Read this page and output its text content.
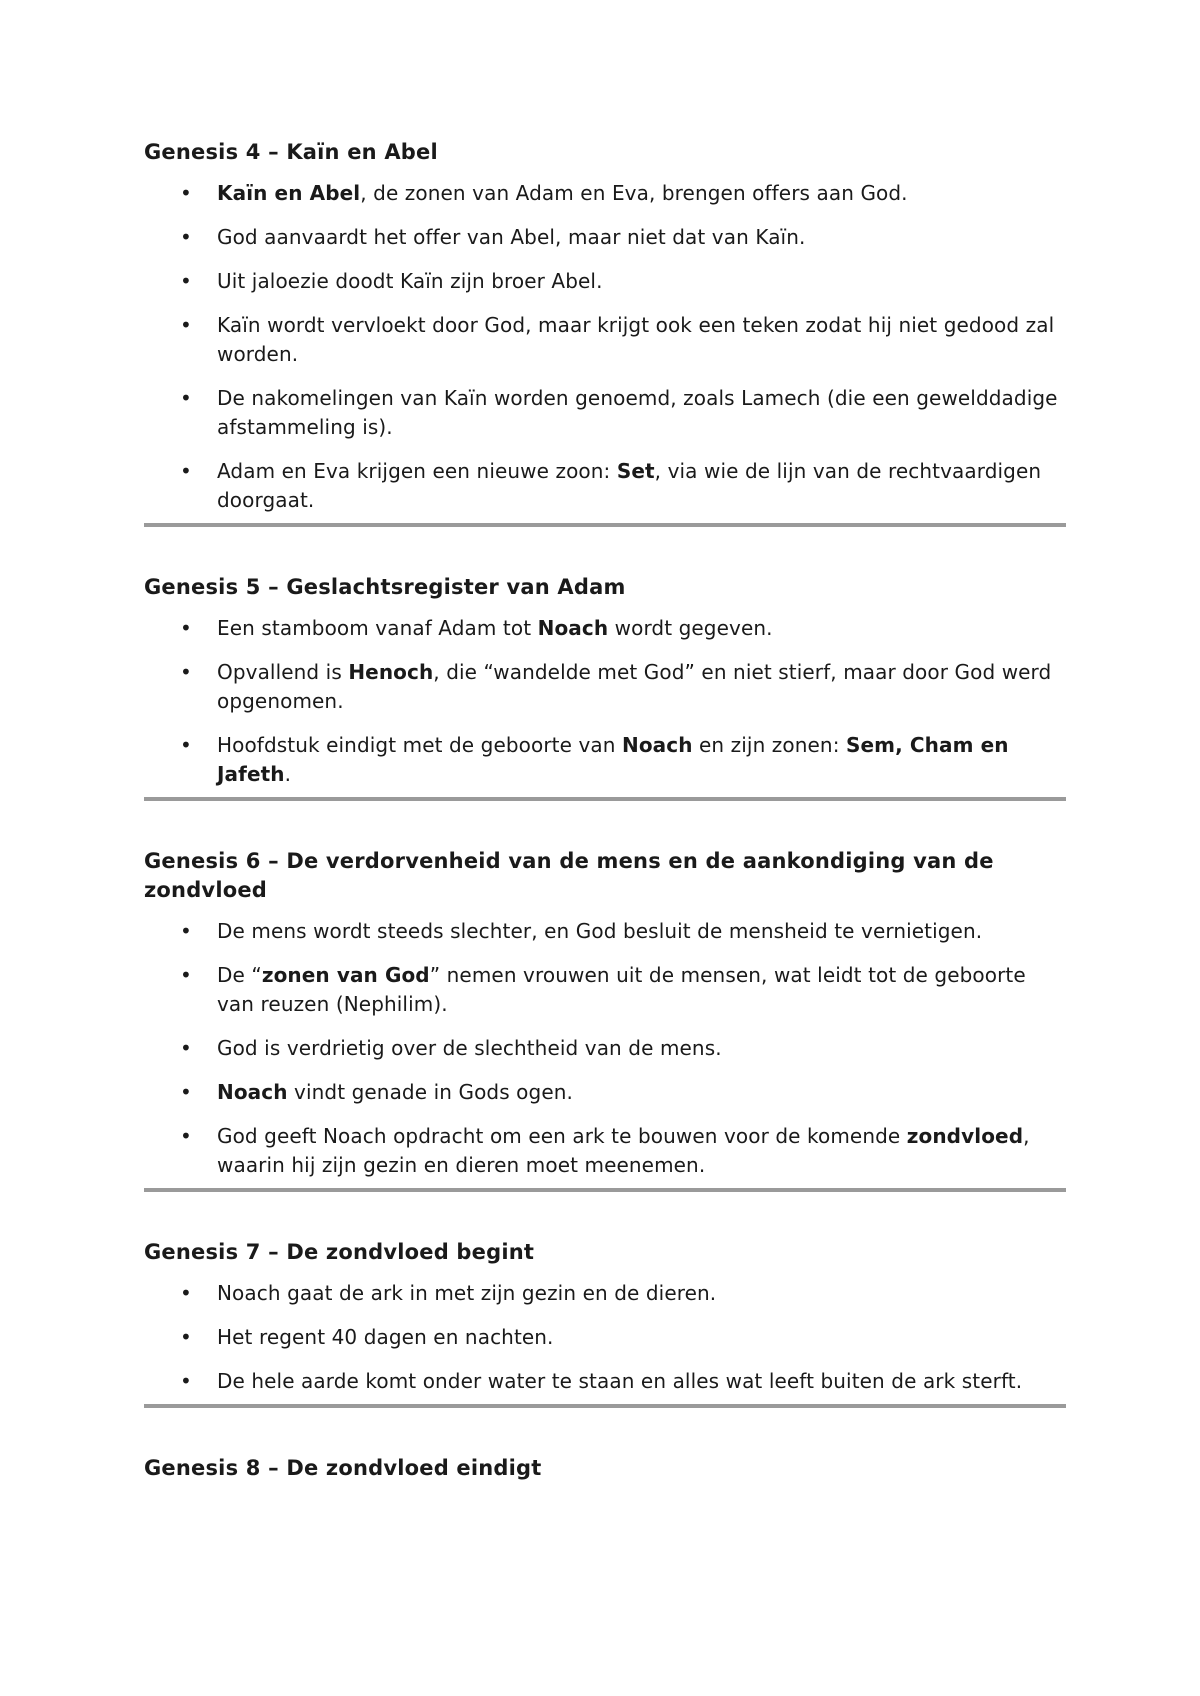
Genesis 4 – Kaïn en Abel
• Kaïn en Abel, de zonen van Adam en Eva, brengen offers aan God.
• God aanvaardt het offer van Abel, maar niet dat van Kaïn.
• Uit jaloezie doodt Kaïn zijn broer Abel.
• Kaïn wordt vervloekt door God, maar krijgt ook een teken zodat hij niet gedood zal worden.
• De nakomelingen van Kaïn worden genoemd, zoals Lamech (die een gewelddadige afstammeling is).
• Adam en Eva krijgen een nieuwe zoon: Set, via wie de lijn van de rechtvaardigen doorgaat.
Genesis 5 – Geslachtsregister van Adam
• Een stamboom vanaf Adam tot Noach wordt gegeven.
• Opvallend is Henoch, die “wandelde met God” en niet stierf, maar door God werd opgenomen.
• Hoofdstuk eindigt met de geboorte van Noach en zijn zonen: Sem, Cham en Jafeth.
Genesis 6 – De verdorvenheid van de mens en de aankondiging van de zondvloed
• De mens wordt steeds slechter, en God besluit de mensheid te vernietigen.
• De “zonen van God” nemen vrouwen uit de mensen, wat leidt tot de geboorte van reuzen (Nephilim).
• God is verdrietig over de slechtheid van de mens.
• Noach vindt genade in Gods ogen.
• God geeft Noach opdracht om een ark te bouwen voor de komende zondvloed, waarin hij zijn gezin en dieren moet meenemen.
Genesis 7 – De zondvloed begint
• Noach gaat de ark in met zijn gezin en de dieren.
• Het regent 40 dagen en nachten.
• De hele aarde komt onder water te staan en alles wat leeft buiten de ark sterft.
Genesis 8 – De zondvloed eindigt
